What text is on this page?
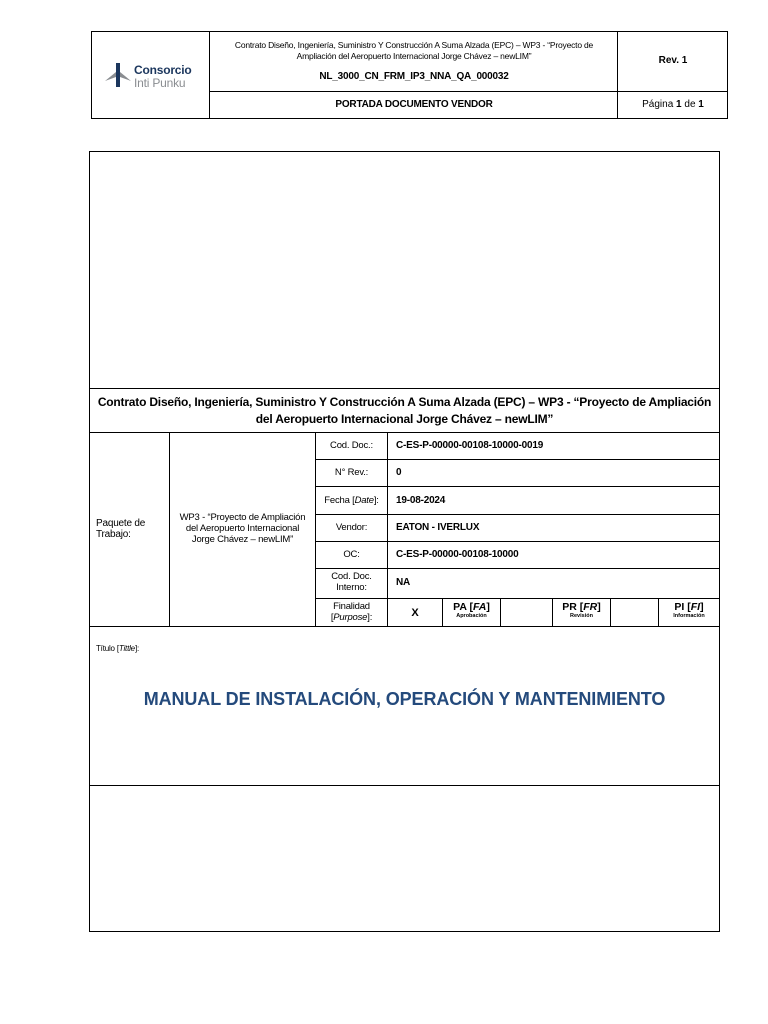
Consorcio
Inti Punku
Contrato Diseño, Ingeniería, Suministro Y Construcción A Suma Alzada (EPC) – WP3 - “Proyecto de
Ampliación del Aeropuerto Internacional Jorge Chávez – newLIM”
NL_3000_CN_FRM_IP3_NNA_QA_000032
Rev. 1
PORTADA DOCUMENTO VENDOR	Página 1 de 1
Contrato Diseño, Ingeniería, Suministro Y Construcción A Suma Alzada (EPC) – WP3 - “Proyecto de Ampliación
del Aeropuerto Internacional Jorge Chávez – newLIM”
Paquete de
Trabajo:
WP3 - “Proyecto de Ampliación
del Aeropuerto Internacional
Jorge Chávez – newLIM”
Cod. Doc.:
N° Rev.:
Fecha [Date]:
Vendor:
OC:
Cod. Doc.
Interno:
Finalidad
[Purpose]:
C-ES-P-00000-00108-10000-0019
0
19-08-2024
EATON - IVERLUX
C-ES-P-00000-00108-10000
NA
X	PA [FA]
Aprobación
PR [FR]
Revisión
PI [FI]
Información
Título [Tittle]:
MANUAL DE INSTALACIÓN, OPERACIÓN Y MANTENIMIENTO
